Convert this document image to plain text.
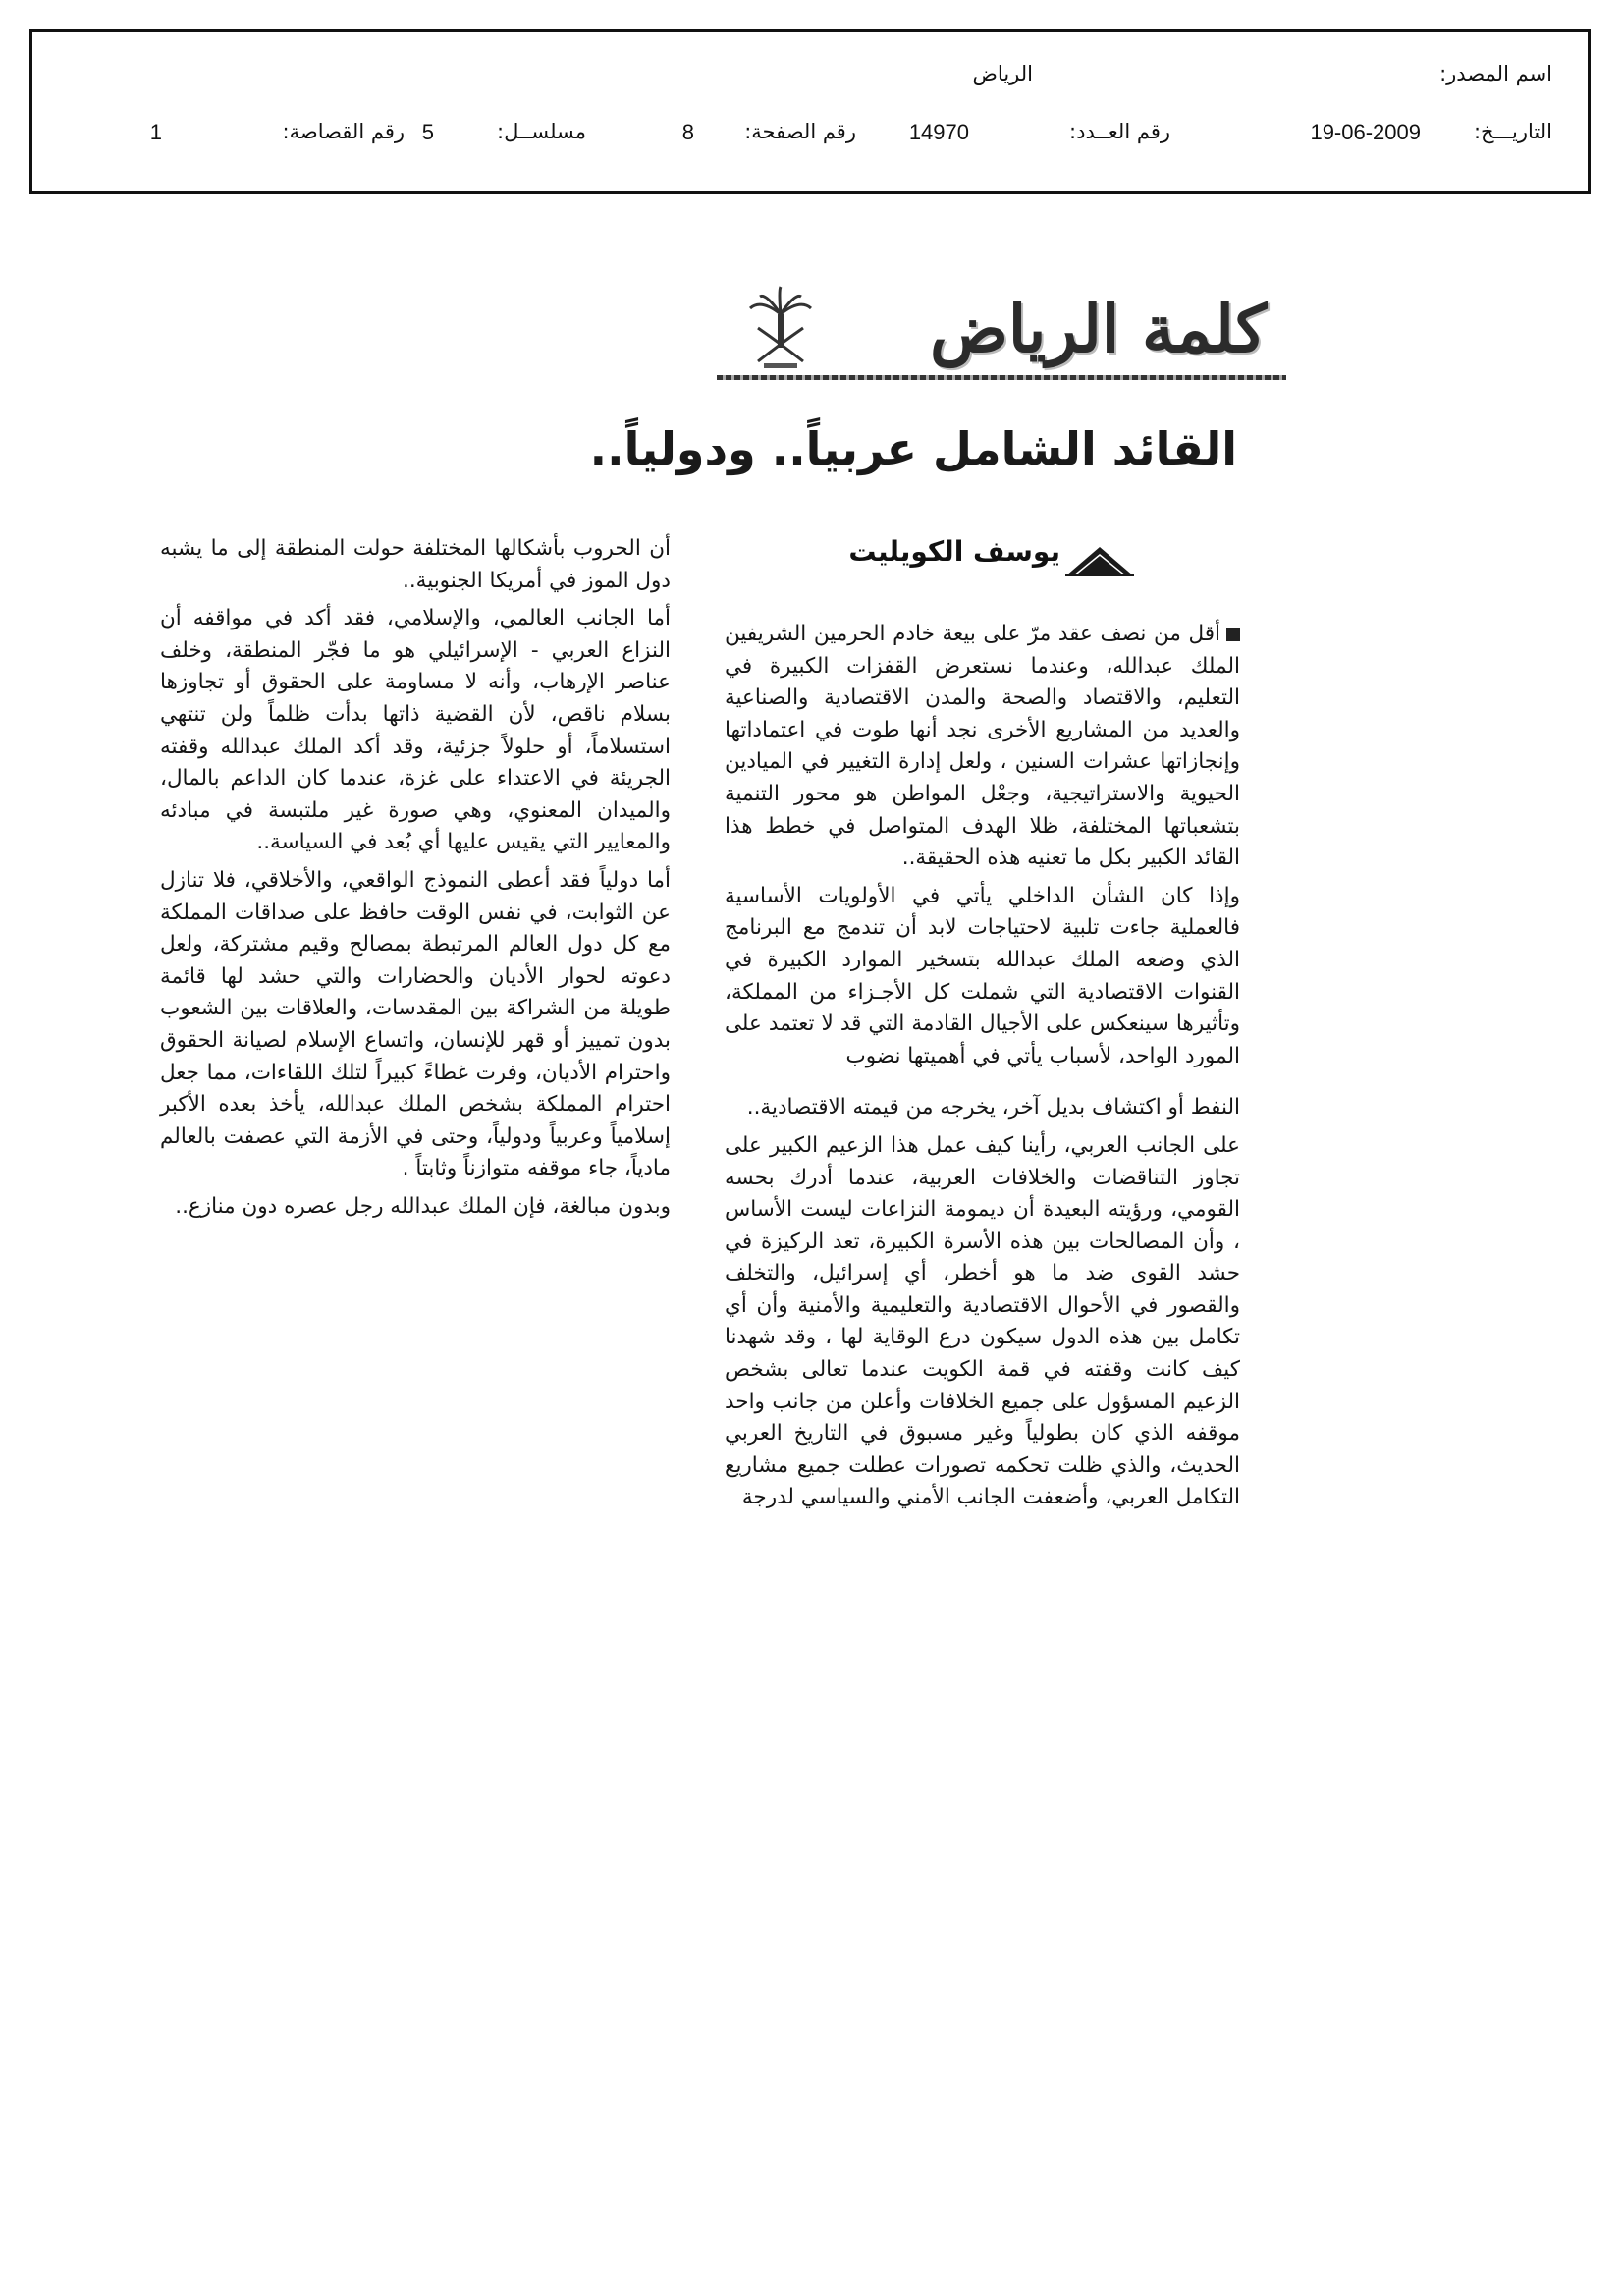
اسم المصدر:
الرياض
التاريـــخ:
19-06-2009
رقم العــدد:
14970
رقم الصفحة:
8
مسلســل:
5
رقم القصاصة:
1
كلمة الرياض
القائد الشامل عربياً.. ودولياً..
يوسف الكويليت

أقل من نصف عقد مرّ على بيعة خادم الحرمين الشريفين الملك عبدالله، وعندما نستعرض القفزات الكبيرة في التعليم، والاقتصاد والصحة والمدن الاقتصادية والصناعية والعديد من المشاريع الأخرى نجد أنها طوت في اعتماداتها وإنجازاتها عشرات السنين ، ولعل إدارة التغيير في الميادين الحيوية والاستراتيجية، وجعْل المواطن هو محور التنمية بتشعباتها المختلفة، ظلا الهدف المتواصل في خطط هذا القائد الكبير بكل ما تعنيه هذه الحقيقة..

وإذا كان الشأن الداخلي يأتي في الأولويات الأساسية فالعملية جاءت تلبية لاحتياجات لابد أن تندمج مع البرنامج الذي وضعه الملك عبدالله بتسخير الموارد الكبيرة في القنوات الاقتصادية التي شملت كل الأجـزاء من المملكة، وتأثيرها سينعكس على الأجيال القادمة التي قد لا تعتمد على المورد الواحد، لأسباب يأتي في أهميتها نضوب

النفط أو اكتشاف بديل آخر، يخرجه من قيمته الاقتصادية..

على الجانب العربي، رأينا كيف عمل هذا الزعيم الكبير على تجاوز التناقضات والخلافات العربية، عندما أدرك بحسه القومي، ورؤيته البعيدة أن ديمومة النزاعات ليست الأساس ، وأن المصالحات بين هذه الأسرة الكبيرة، تعد الركيزة في حشد القوى ضد ما هو أخطر، أي إسرائيل، والتخلف والقصور في الأحوال الاقتصادية والتعليمية والأمنية وأن أي تكامل بين هذه الدول سيكون درع الوقاية لها ، وقد شهدنا كيف كانت وقفته في قمة الكويت عندما تعالى بشخص الزعيم المسؤول على جميع الخلافات وأعلن من جانب واحد موقفه الذي كان بطولياً وغير مسبوق في التاريخ العربي الحديث، والذي ظلت تحكمه تصورات عطلت جميع مشاريع التكامل العربي، وأضعفت الجانب الأمني والسياسي لدرجة

أن الحروب بأشكالها المختلفة حولت المنطقة إلى ما يشبه دول الموز في أمريكا الجنوبية..

أما الجانب العالمي، والإسلامي، فقد أكد في مواقفه أن النزاع العربي - الإسرائيلي هو ما فجّر المنطقة، وخلف عناصر الإرهاب، وأنه لا مساومة على الحقوق أو تجاوزها بسلام ناقص، لأن القضية ذاتها بدأت ظلماً ولن تنتهي استسلاماً، أو حلولاً جزئية، وقد أكد الملك عبدالله وقفته الجريئة في الاعتداء على غزة، عندما كان الداعم بالمال، والميدان المعنوي، وهي صورة غير ملتبسة في مبادئه والمعايير التي يقيس عليها أي بُعد في السياسة..

أما دولياً فقد أعطى النموذج الواقعي، والأخلاقي، فلا تنازل عن الثوابت، في نفس الوقت حافظ على صداقات المملكة مع كل دول العالم المرتبطة بمصالح وقيم مشتركة، ولعل دعوته لحوار الأديان والحضارات والتي حشد لها قائمة طويلة من الشراكة بين المقدسات، والعلاقات بين الشعوب بدون تمييز أو قهر للإنسان، واتساع الإسلام لصيانة الحقوق واحترام الأديان، وفرت غطاءً كبيراً لتلك اللقاءات، مما جعل احترام المملكة بشخص الملك عبدالله، يأخذ بعده الأكبر إسلامياً وعربياً ودولياً، وحتى في الأزمة التي عصفت بالعالم مادياً، جاء موقفه متوازناً وثابتاً .

وبدون مبالغة، فإن الملك عبدالله رجل عصره دون منازع..
